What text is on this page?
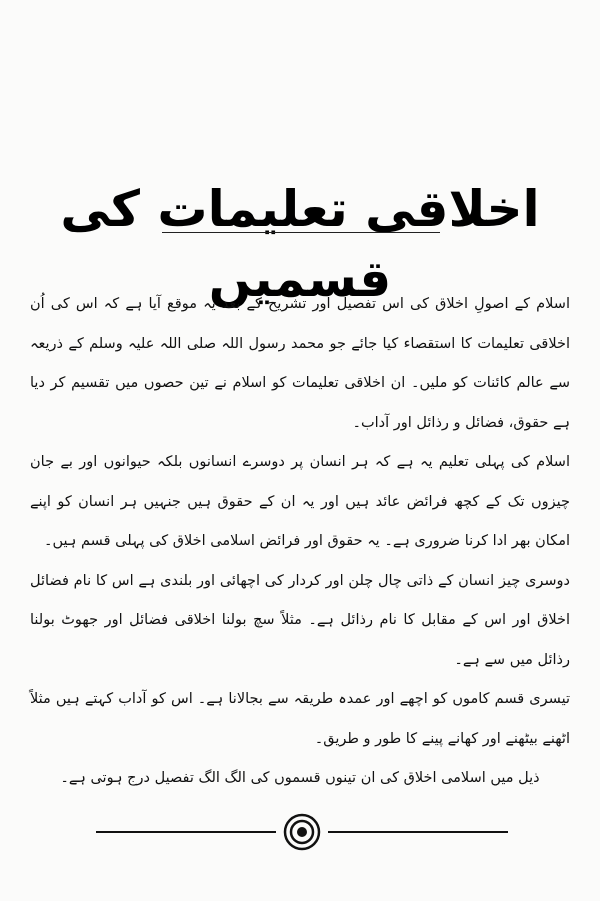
اخلاقی تعلیمات کی قسمیں

اسلام کے اصولِ اخلاق کی اس تفصیل اور تشریح کے بعد یہ موقع آیا ہے کہ اس کی اُن اخلاقی تعلیمات کا استقصاء کیا جائے جو محمد رسول اللہ صلی اللہ علیہ وسلم کے ذریعہ سے عالم کائنات کو ملیں۔ ان اخلاقی تعلیمات کو اسلام نے تین حصوں میں تقسیم کر دیا ہے حقوق، فضائل و رذائل اور آداب۔

اسلام کی پہلی تعلیم یہ ہے کہ ہر انسان پر دوسرے انسانوں بلکہ حیوانوں اور بے جان چیزوں تک کے کچھ فرائض عائد ہیں اور یہ ان کے حقوق ہیں جنہیں ہر انسان کو اپنے امکان بھر ادا کرنا ضروری ہے۔ یہ حقوق اور فرائض اسلامی اخلاق کی پہلی قسم ہیں۔

دوسری چیز انسان کے ذاتی چال چلن اور کردار کی اچھائی اور بلندی ہے اس کا نام فضائل اخلاق اور اس کے مقابل کا نام رذائل ہے۔ مثلاً سچ بولنا اخلاقی فضائل اور جھوٹ بولنا رذائل میں سے ہے۔

تیسری قسم کاموں کو اچھے اور عمدہ طریقہ سے بجالانا ہے۔ اس کو آداب کہتے ہیں مثلاً اٹھنے بیٹھنے اور کھانے پینے کا طور و طریق۔

ذیل میں اسلامی اخلاق کی ان تینوں قسموں کی الگ الگ تفصیل درج ہوتی ہے۔
